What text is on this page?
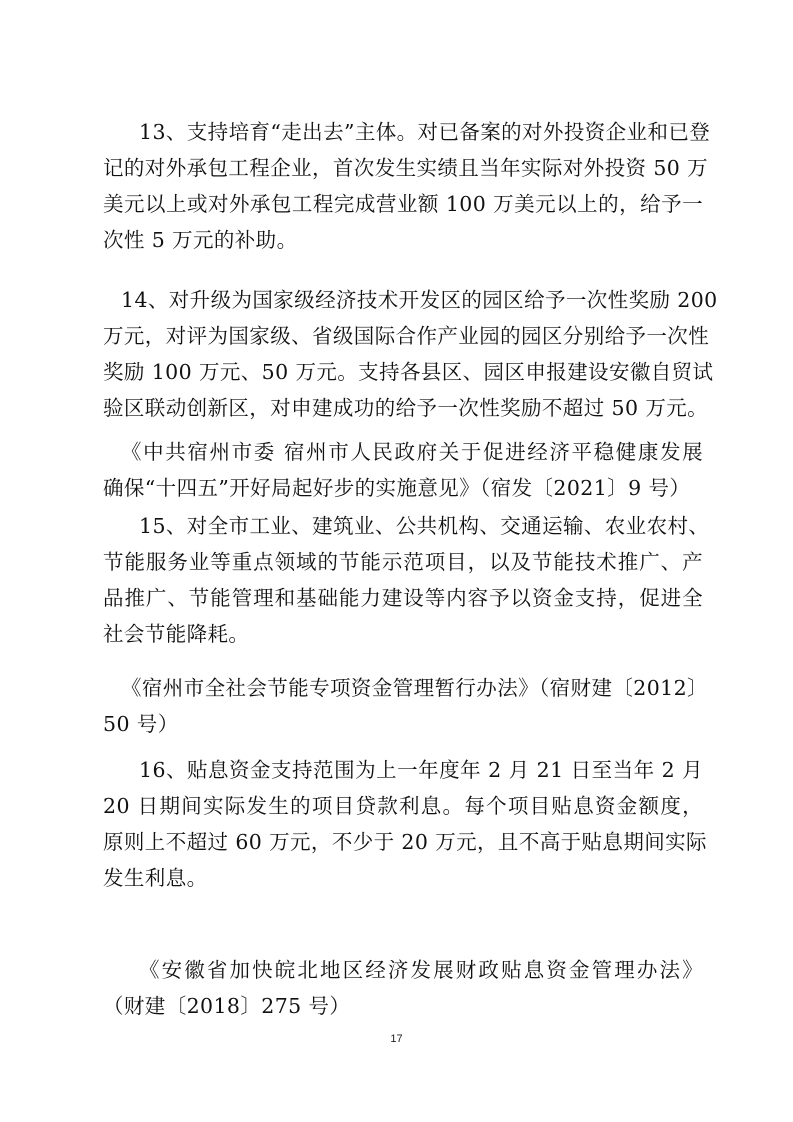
13、支持培育“走出去”主体。对已备案的对外投资企业和已登
记的对外承包工程企业，首次发生实绩且当年实际对外投资 50 万
美元以上或对外承包工程完成营业额 100 万美元以上的，给予一
次性 5 万元的补助。
14、对升级为国家级经济技术开发区的园区给予一次性奖励 200
万元，对评为国家级、省级国际合作产业园的园区分别给予一次性
奖励 100 万元、50 万元。支持各县区、园区申报建设安徽自贸试
验区联动创新区，对申建成功的给予一次性奖励不超过 50 万元。
《中共宿州市委 宿州市人民政府关于促进经济平稳健康发展
确保“十四五”开好局起好步的实施意见》（宿发〔2021〕9 号）
15、对全市工业、建筑业、公共机构、交通运输、农业农村、
节能服务业等重点领域的节能示范项目，以及节能技术推广、产
品推广、节能管理和基础能力建设等内容予以资金支持，促进全
社会节能降耗。
《宿州市全社会节能专项资金管理暂行办法》（宿财建〔2012〕
50 号）
16、贴息资金支持范围为上一年度年 2 月 21 日至当年 2 月
20 日期间实际发生的项目贷款利息。每个项目贴息资金额度，
原则上不超过 60 万元，不少于 20 万元，且不高于贴息期间实际
发生利息。
《安徽省加快皖北地区经济发展财政贴息资金管理办法》
（财建〔2018〕275 号）
17
